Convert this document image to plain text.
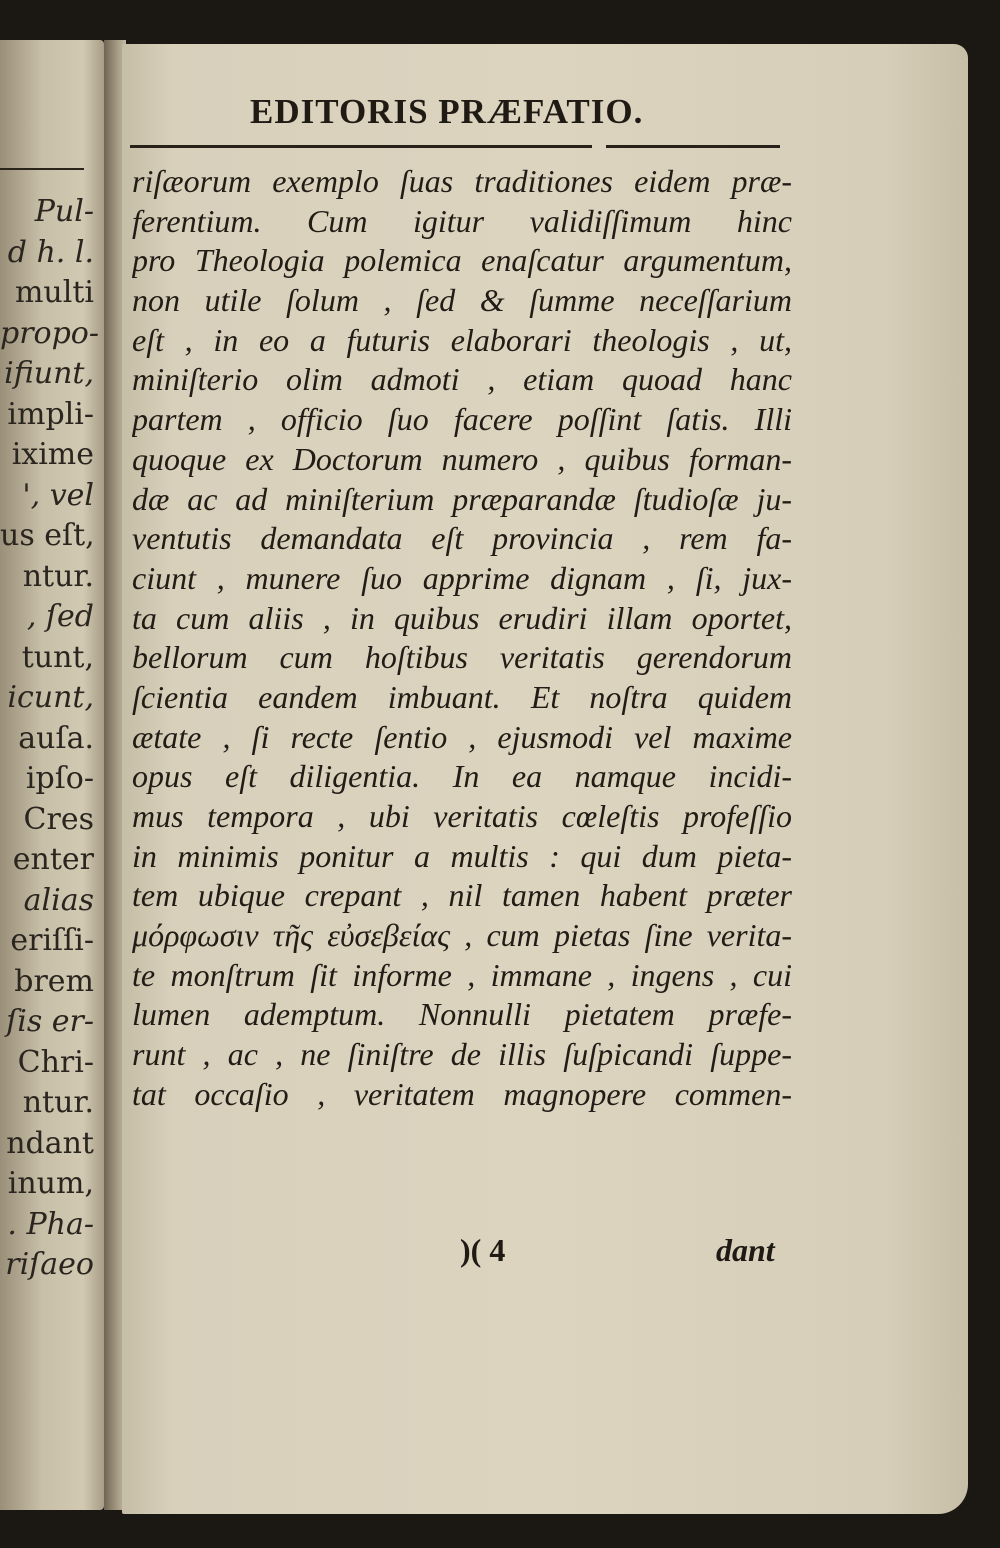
Pul-
d h. l.
multi
propo-
ifiunt,
impli-
ixime
', vel
us eſt,
ntur.
, ſed
tunt,
icunt,
auſa.
ipſo-
Cres
enter
alias
eriſſi-
brem
ſis er-
Chri-
ntur.
ndant
inum,
. Pha-
riſaeo
EDITORIS PRÆFATIO.
riſæorum exemplo ſuas traditiones eidem præ-
ferentium. Cum igitur validiſſimum hinc
pro Theologia polemica enaſcatur argumentum,
non utile ſolum , ſed & ſumme neceſſarium
eſt , in eo a futuris elaborari theologis , ut,
miniſterio olim admoti , etiam quoad hanc
partem , officio ſuo facere poſſint ſatis. Illi
quoque ex Doctorum numero , quibus forman-
dæ ac ad miniſterium præparandæ ſtudioſæ ju-
ventutis demandata eſt provincia , rem fa-
ciunt , munere ſuo apprime dignam , ſi, jux-
ta cum aliis , in quibus erudiri illam oportet,
bellorum cum hoſtibus veritatis gerendorum
ſcientia eandem imbuant. Et noſtra quidem
ætate , ſi recte ſentio , ejusmodi vel maxime
opus eſt diligentia. In ea namque incidi-
mus tempora , ubi veritatis cœleſtis profeſſio
in minimis ponitur a multis : qui dum pieta-
tem ubique crepant , nil tamen habent præter
μόρφωσιν τῆς εὐσεβείας , cum pietas ſine verita-
te monſtrum ſit informe , immane , ingens , cui
lumen ademptum. Nonnulli pietatem præfe-
runt , ac , ne ſiniſtre de illis ſuſpicandi ſuppe-
tat occaſio , veritatem magnopere commen-
)( 4	dant
